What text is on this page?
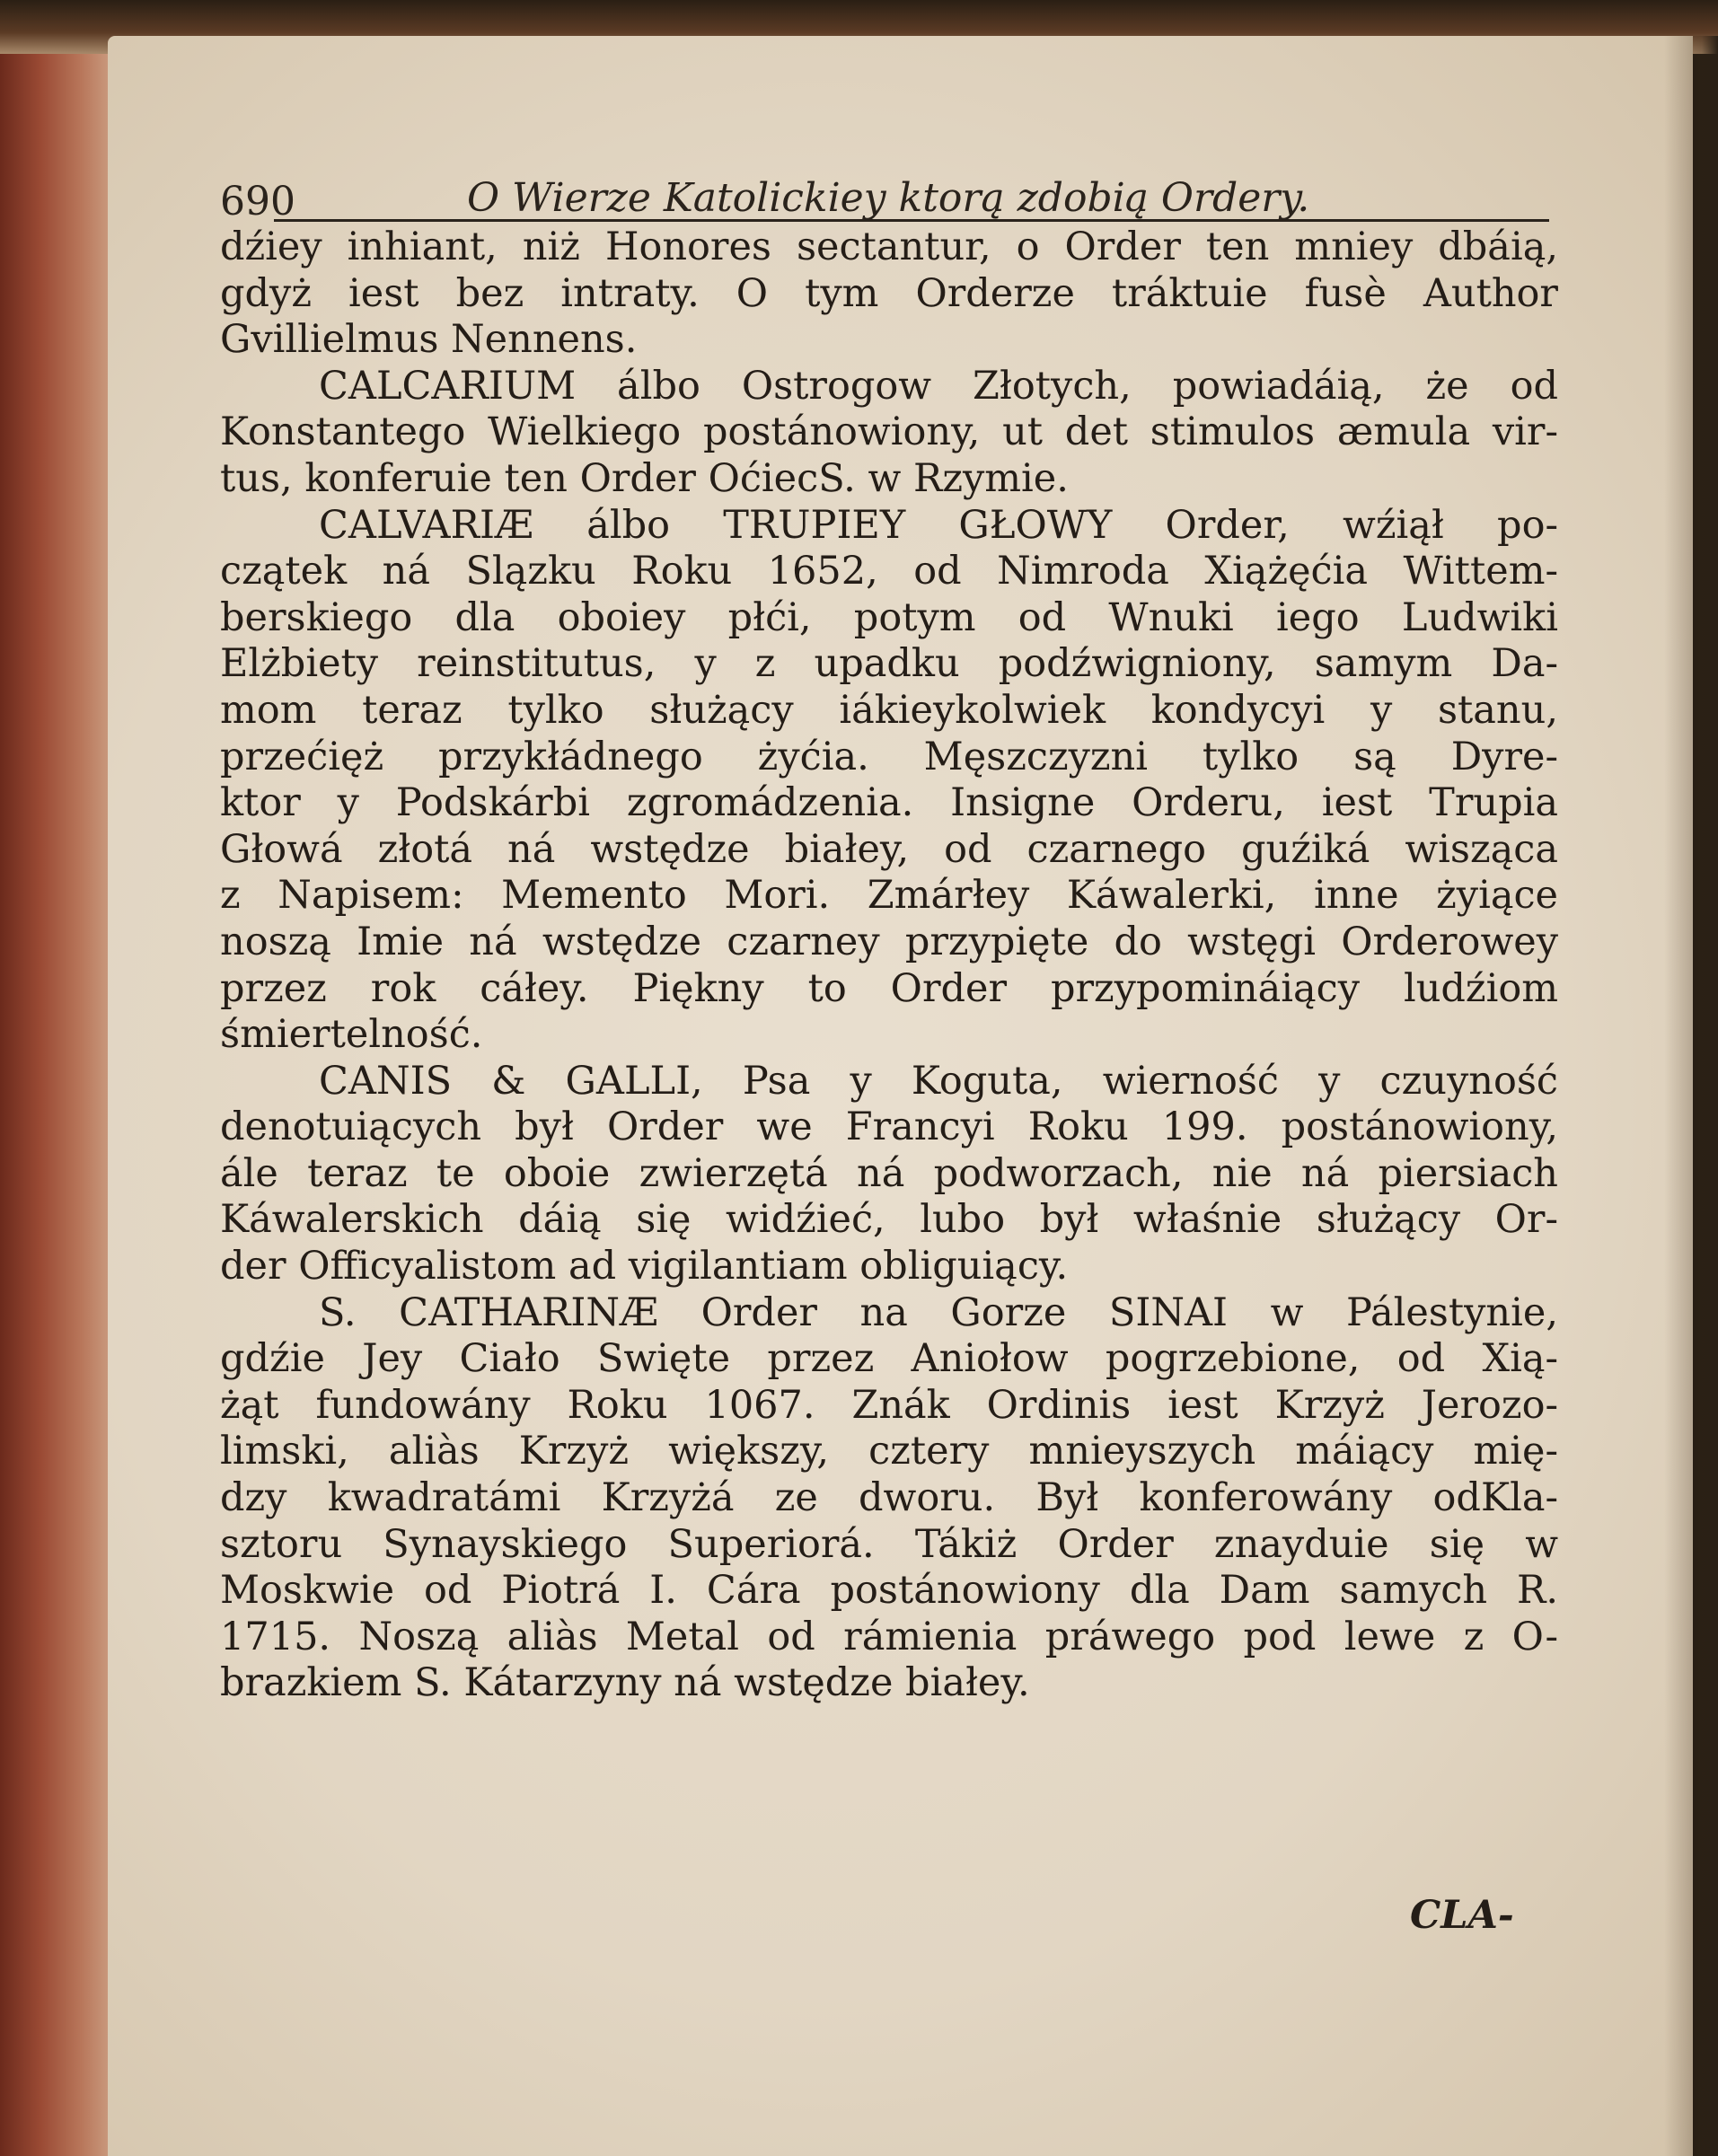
690	O Wierze Katolickiey ktorą zdobią Ordery.
dźiey inhiant, niż Honores sectantur, o Order ten mniey dbáią,
gdyż iest bez intraty. O tym Orderze tráktuie fusè Author
Gvillielmus Nennens.
CALCARIUM álbo Ostrogow Złotych, powiadáią, że od
Konstantego Wielkiego postánowiony, ut det stimulos æmula vir-
tus, konferuie ten Order OćiecS. w Rzymie.
CALVARIÆ álbo TRUPIEY GŁOWY Order, wźiął po-
czątek ná Slązku Roku 1652, od Nimroda Xiążęćia Wittem-
berskiego dla oboiey płći, potym od Wnuki iego Ludwiki
Elżbiety reinstitutus, y z upadku podźwigniony, samym Da-
mom teraz tylko służący iákieykolwiek kondycyi y stanu,
przećięż przykłádnego żyćia. Męszczyzni tylko są Dyre-
ktor y Podskárbi zgromádzenia. Insigne Orderu, iest Trupia
Głowá złotá ná wstędze białey, od czarnego guźiká wisząca
z Napisem: Memento Mori. Zmárłey Káwalerki, inne żyiące
noszą Imie ná wstędze czarney przypięte do wstęgi Orderowey
przez rok cáłey. Piękny to Order przypomináiący ludźiom
śmiertelność.
CANIS & GALLI, Psa y Koguta, wierność y czuyność
denotuiących był Order we Francyi Roku 199. postánowiony,
ále teraz te oboie zwierzętá ná podworzach, nie ná piersiach
Káwalerskich dáią się widźieć, lubo był właśnie służący Or-
der Officyalistom ad vigilantiam obliguiący.
S. CATHARINÆ Order na Gorze SINAI w Pálestynie,
gdźie Jey Ciało Swięte przez Aniołow pogrzebione, od Xią-
żąt fundowány Roku 1067. Znák Ordinis iest Krzyż Jerozo-
limski, aliàs Krzyż większy, cztery mnieyszych máiący mię-
dzy kwadratámi Krzyżá ze dworu. Był konferowány odKla-
sztoru Synayskiego Superiorá. Tákiż Order znayduie się w
Moskwie od Piotrá I. Cára postánowiony dla Dam samych R.
1715. Noszą aliàs Metal od rámienia práwego pod lewe z O-
brazkiem S. Kátarzyny ná wstędze białey.
CLA-
